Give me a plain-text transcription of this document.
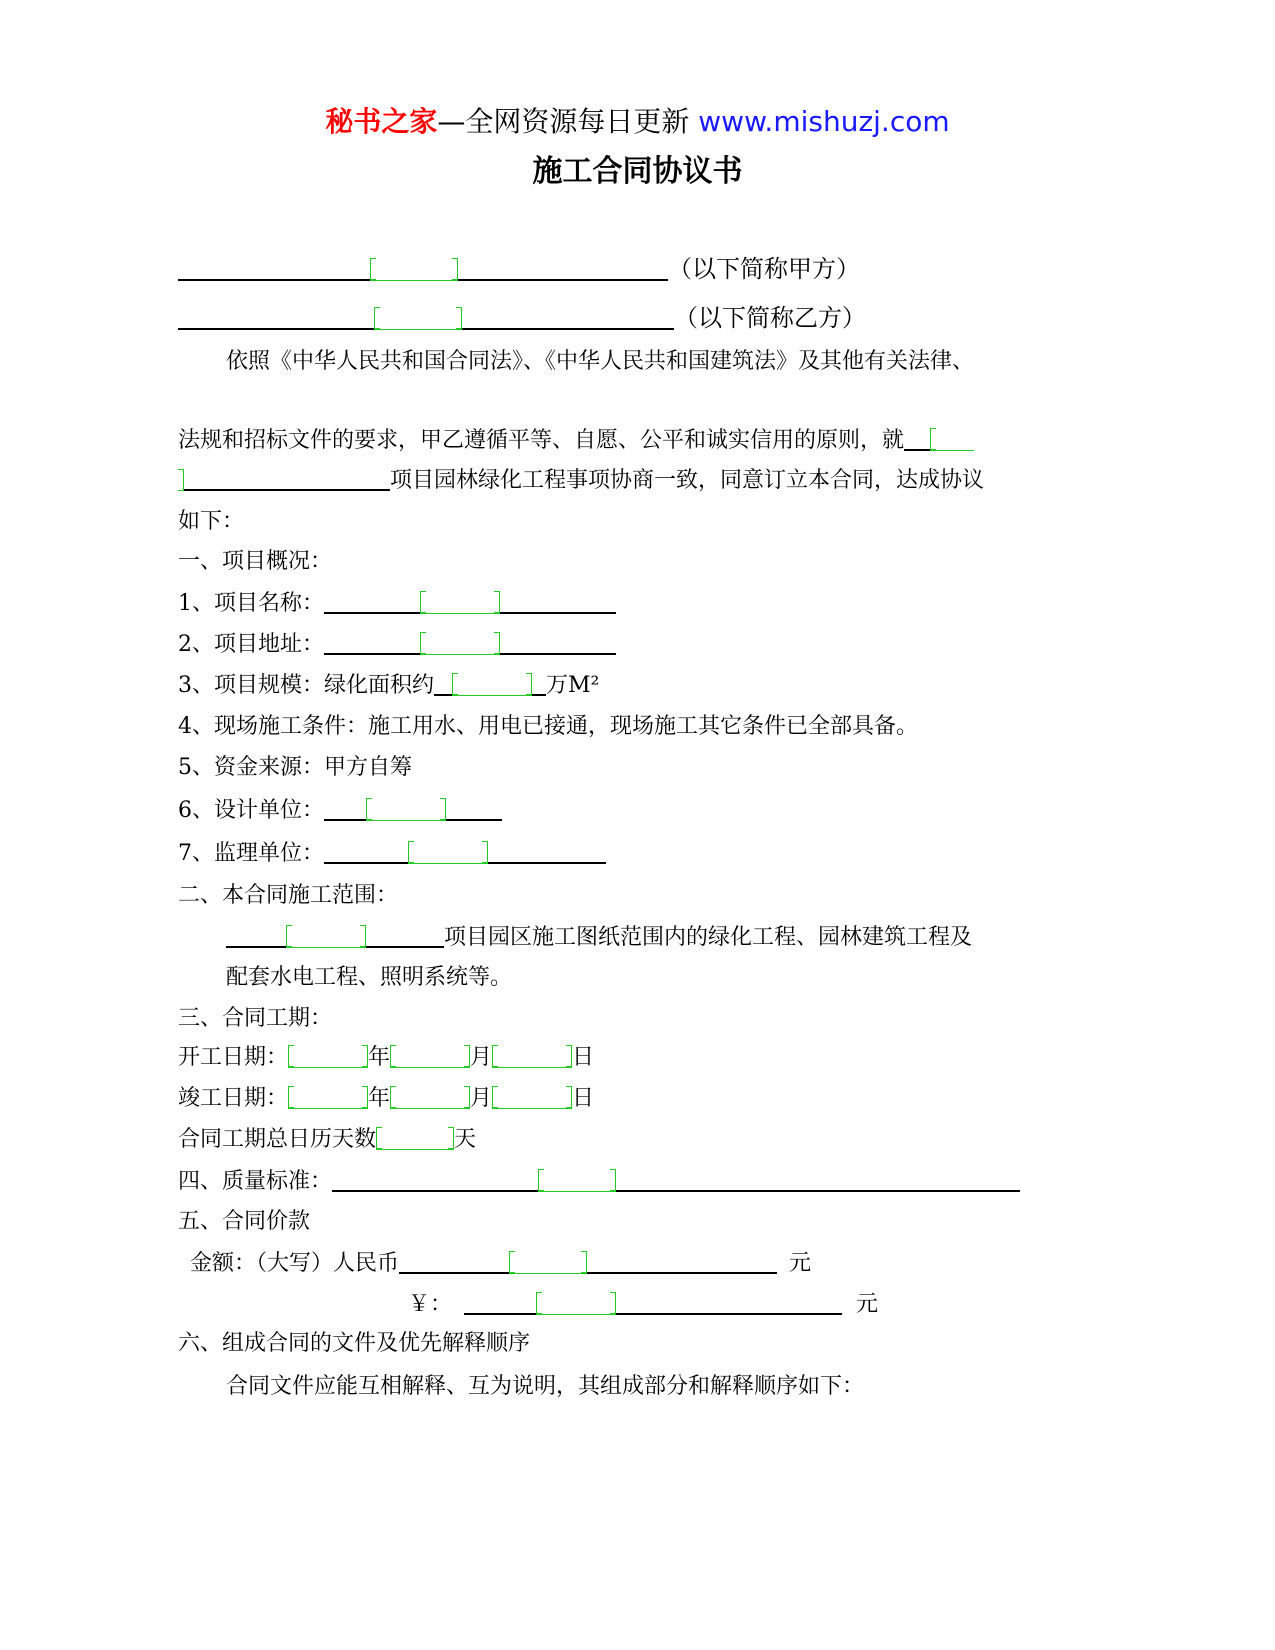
秘书之家—全网资源每日更新 www.mishuzj.com
施工合同协议书
（以下简称甲方）
（以下简称乙方）
依照《中华人民共和国合同法》、《中华人民共和国建筑法》及其他有关法律、
法规和招标文件的要求，甲乙遵循平等、自愿、公平和诚实信用的原则，就
项目园林绿化工程事项协商一致，同意订立本合同，达成协议
如下：
一、项目概况：
1、项目名称：
2、项目地址：
3、项目规模：绿化面积约	万M²
4、现场施工条件：施工用水、用电已接通，现场施工其它条件已全部具备。
5、资金来源：甲方自筹
6、设计单位：
7、监理单位：
二、本合同施工范围：
项目园区施工图纸范围内的绿化工程、园林建筑工程及
配套水电工程、照明系统等。
三、合同工期：
开工日期：	年	月	日
竣工日期：	年	月	日
合同工期总日历天数	天
四、质量标准：
五、合同价款
金额：（大写）人民币	元
￥：	元
六、组成合同的文件及优先解释顺序
合同文件应能互相解释、互为说明，其组成部分和解释顺序如下：
